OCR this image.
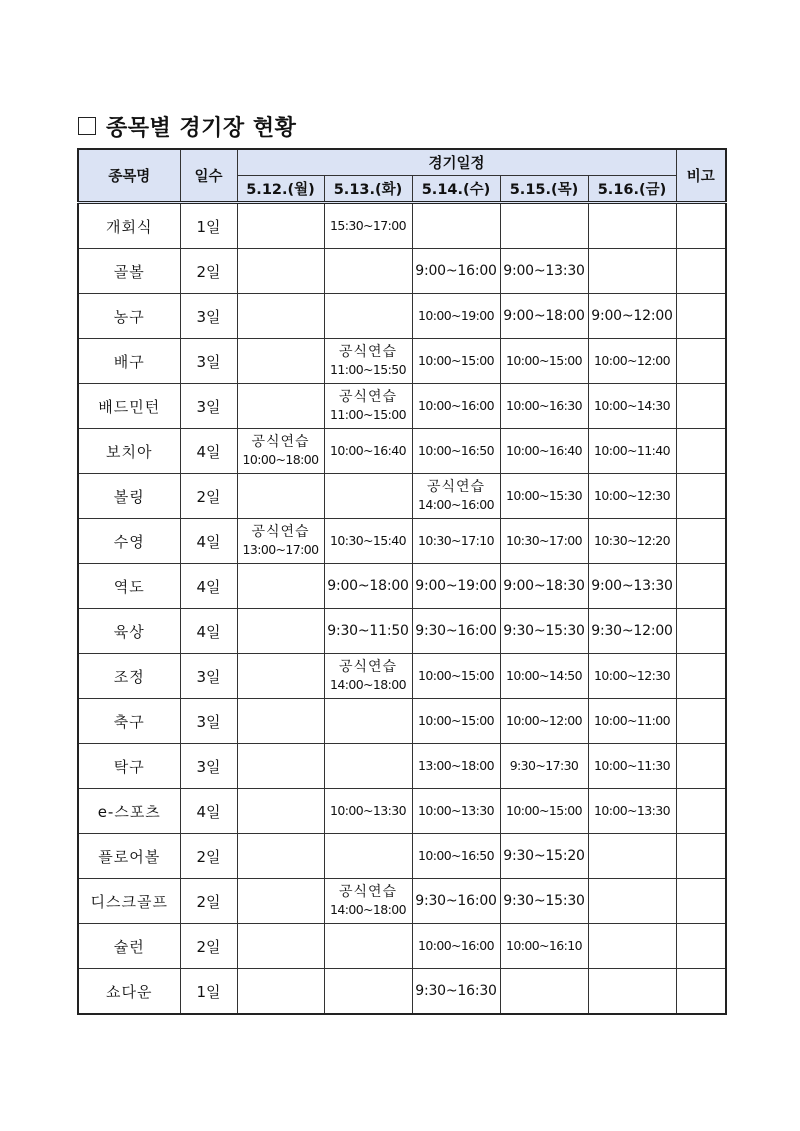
종목별 경기장 현황
종목명	일수	경기일정					비고
		5.12.(월)	5.13.(화)	5.14.(수)	5.15.(목)	5.16.(금)	
개회식	1일		15:30~17:00				
골볼	2일			9:00~16:00	9:00~13:30		
농구	3일			10:00~19:00	9:00~18:00	9:00~12:00	
배구	3일		공식연습
11:00~15:50	10:00~15:00	10:00~15:00	10:00~12:00	
배드민턴	3일		공식연습
11:00~15:00	10:00~16:00	10:00~16:30	10:00~14:30	
보치아	4일	공식연습
10:00~18:00	10:00~16:40	10:00~16:50	10:00~16:40	10:00~11:40	
볼링	2일			공식연습
14:00~16:00	10:00~15:30	10:00~12:30	
수영	4일	공식연습
13:00~17:00	10:30~15:40	10:30~17:10	10:30~17:00	10:30~12:20	
역도	4일		9:00~18:00	9:00~19:00	9:00~18:30	9:00~13:30	
육상	4일		9:30~11:50	9:30~16:00	9:30~15:30	9:30~12:00	
조정	3일		공식연습
14:00~18:00	10:00~15:00	10:00~14:50	10:00~12:30	
축구	3일			10:00~15:00	10:00~12:00	10:00~11:00	
탁구	3일			13:00~18:00	9:30~17:30	10:00~11:30	
e-스포츠	4일		10:00~13:30	10:00~13:30	10:00~15:00	10:00~13:30	
플로어볼	2일			10:00~16:50	9:30~15:20		
디스크골프	2일		공식연습
14:00~18:00	9:30~16:00	9:30~15:30		
슐런	2일			10:00~16:00	10:00~16:10		
쇼다운	1일			9:30~16:30			
